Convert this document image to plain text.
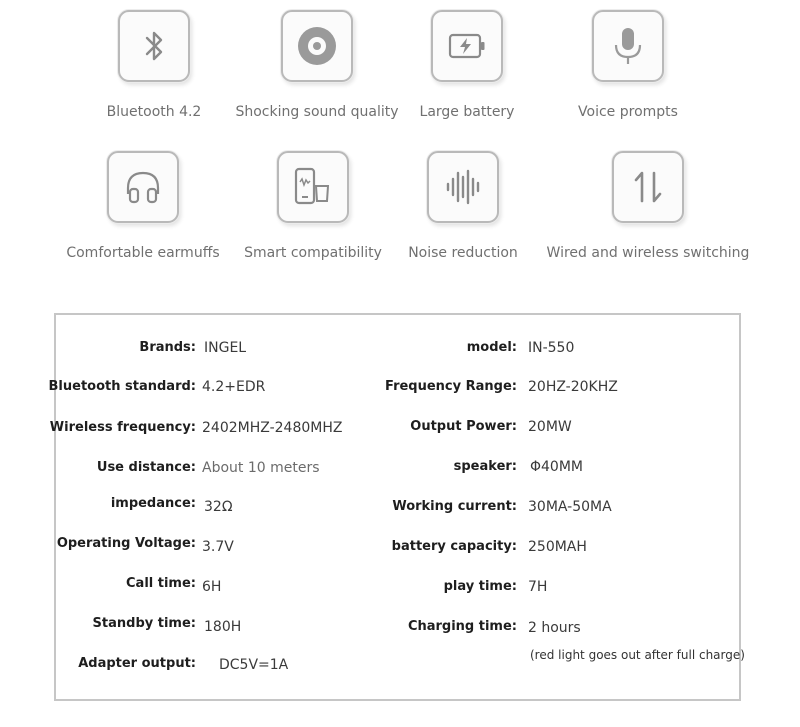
Bluetooth 4.2 Shocking sound quality Large battery	Voice prompts
Comfortable earmuffs Smart compatibility Noise reduction Wired and wireless switching
Brands: INGEL
Bluetooth standard: 4.2+EDR
Wireless frequency: 2402MHZ-2480MHZ
Use distance: About 10 meters
impedance: 32Ω
Operating Voltage: 3.7V
Call time: 6H
Standby time: 180H
Adapter output: DC5V=1A
model: IN-550
Frequency Range: 20HZ-20KHZ
Output Power: 20MW
speaker: Φ40MM
Working current: 30MA-50MA
battery capacity: 250MAH
play time: 7H
Charging time: 2 hours
(red light goes out after full charge)
